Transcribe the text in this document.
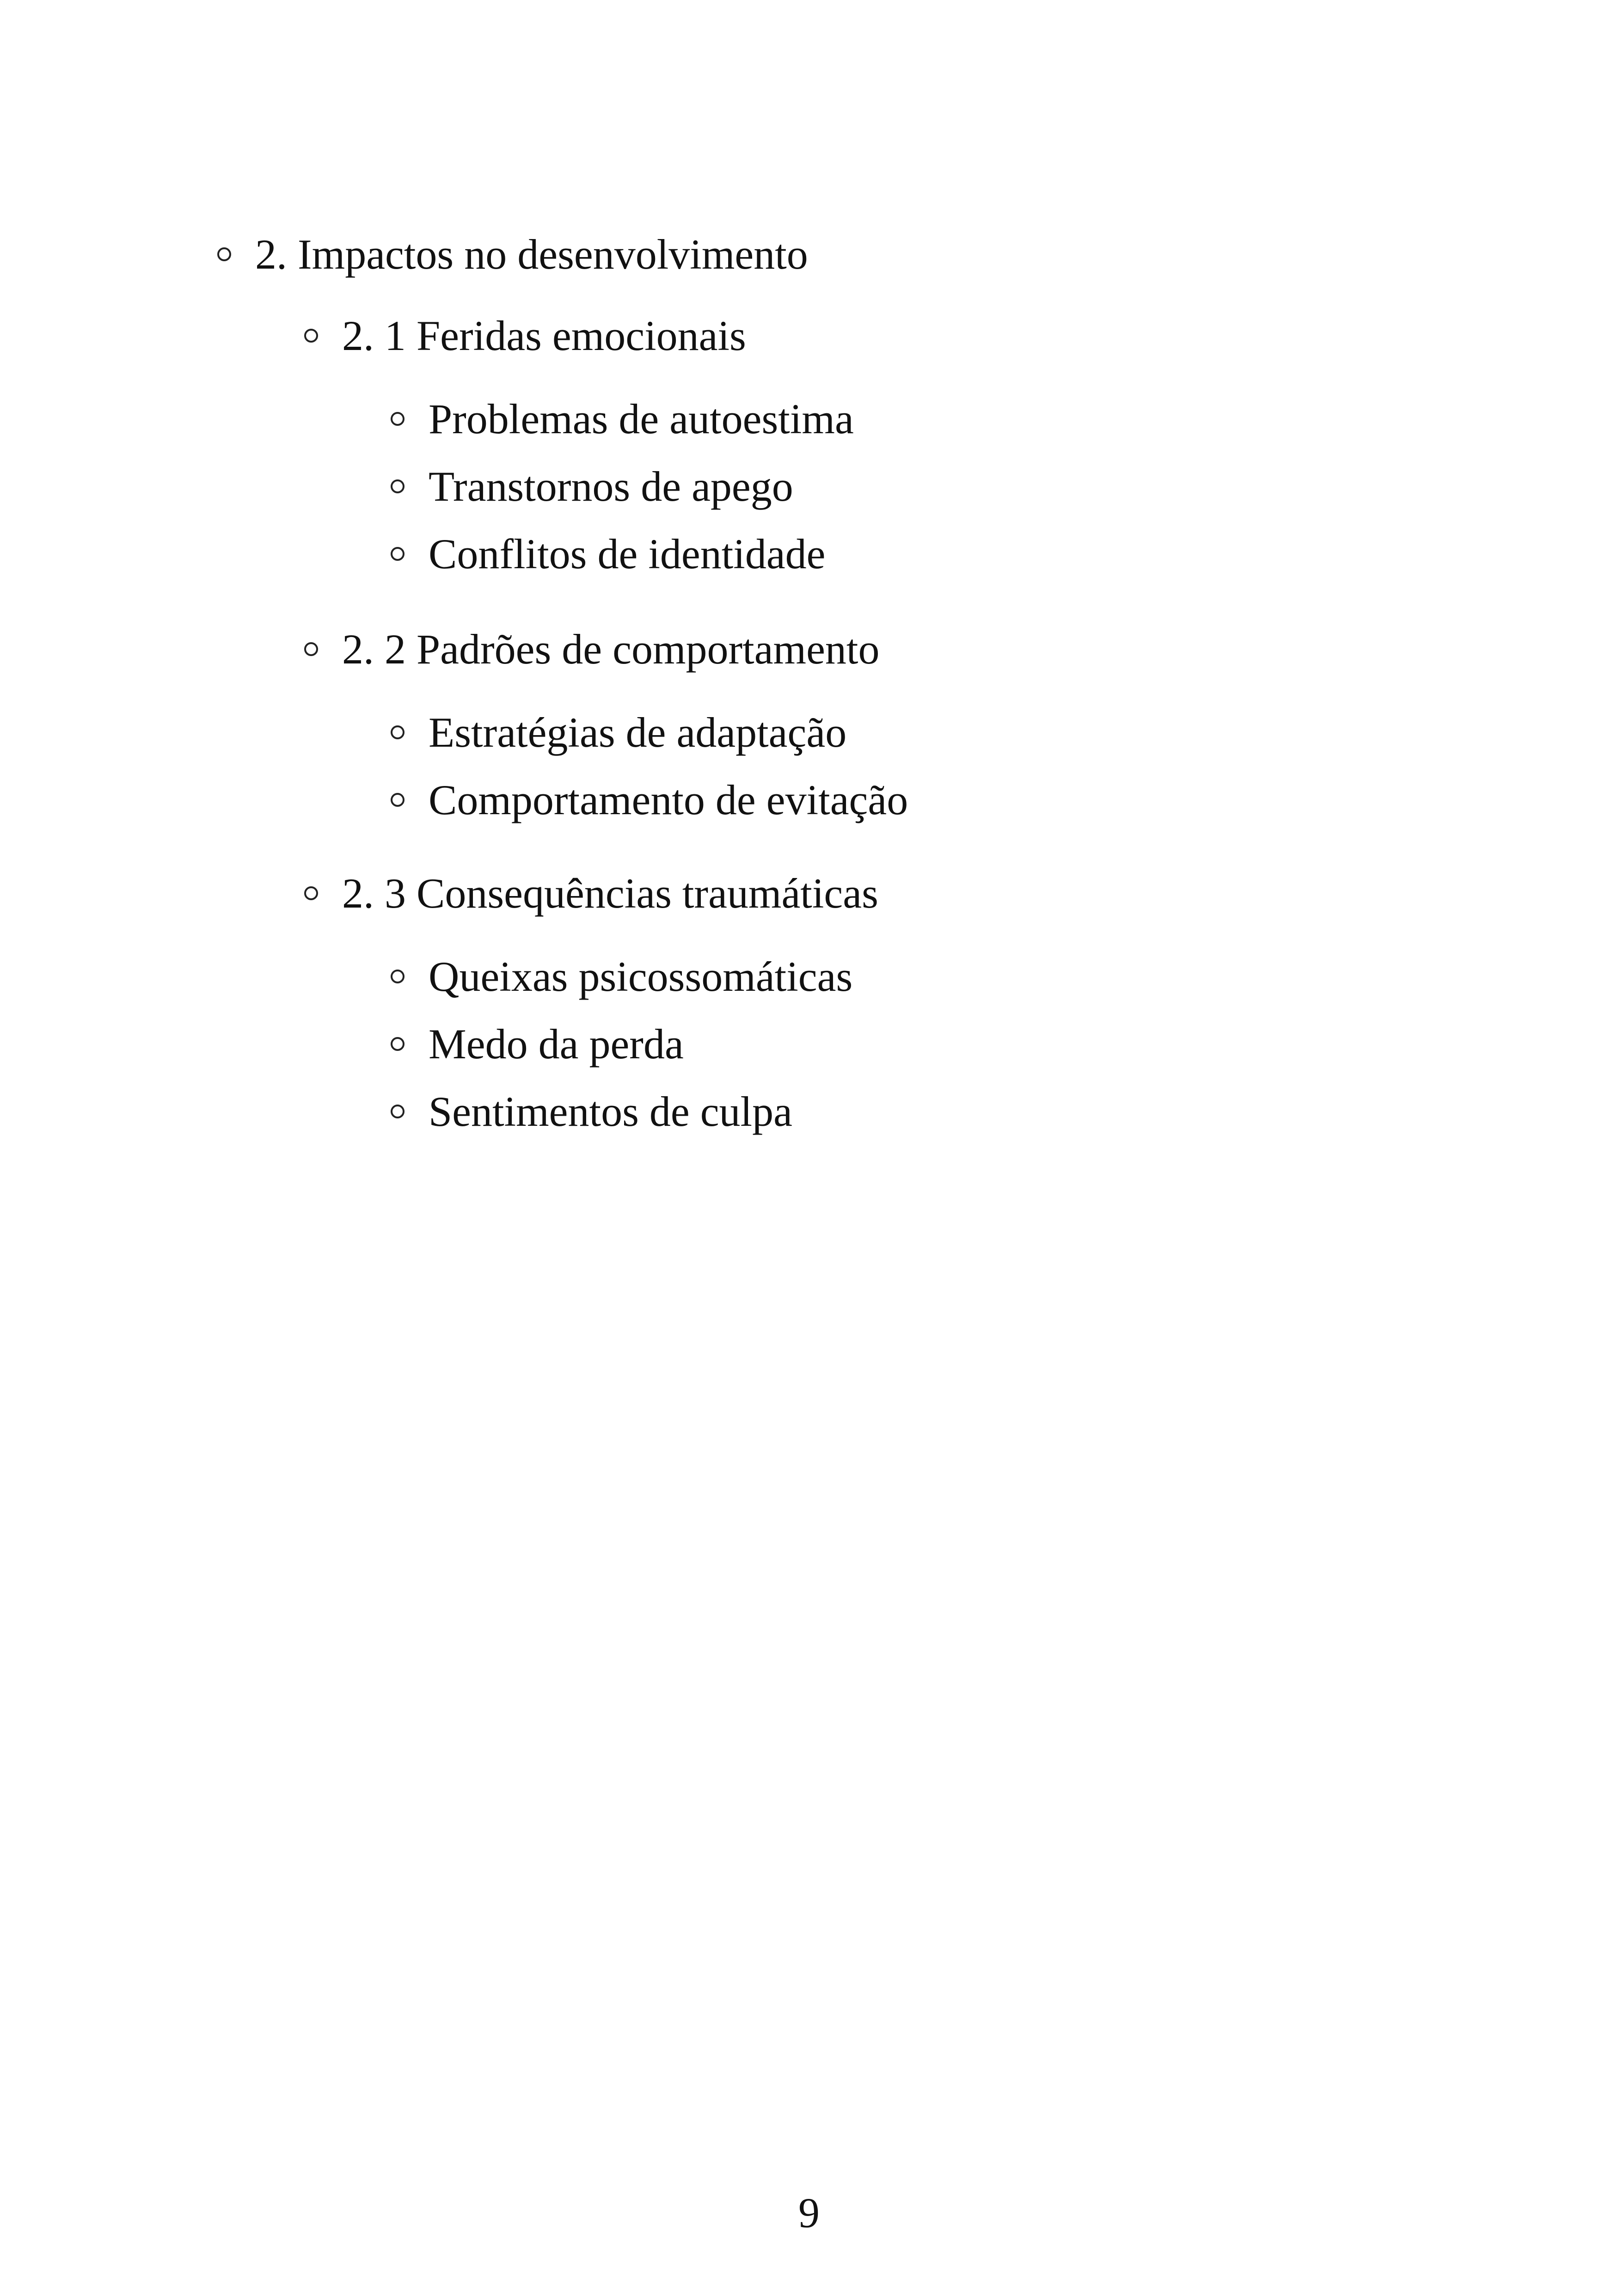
2. Impactos no desenvolvimento
2. 1 Feridas emocionais
Problemas de autoestima
Transtornos de apego
Conflitos de identidade
2. 2 Padrões de comportamento
Estratégias de adaptação
Comportamento de evitação
2. 3 Consequências traumáticas
Queixas psicossomáticas
Medo da perda
Sentimentos de culpa
9
